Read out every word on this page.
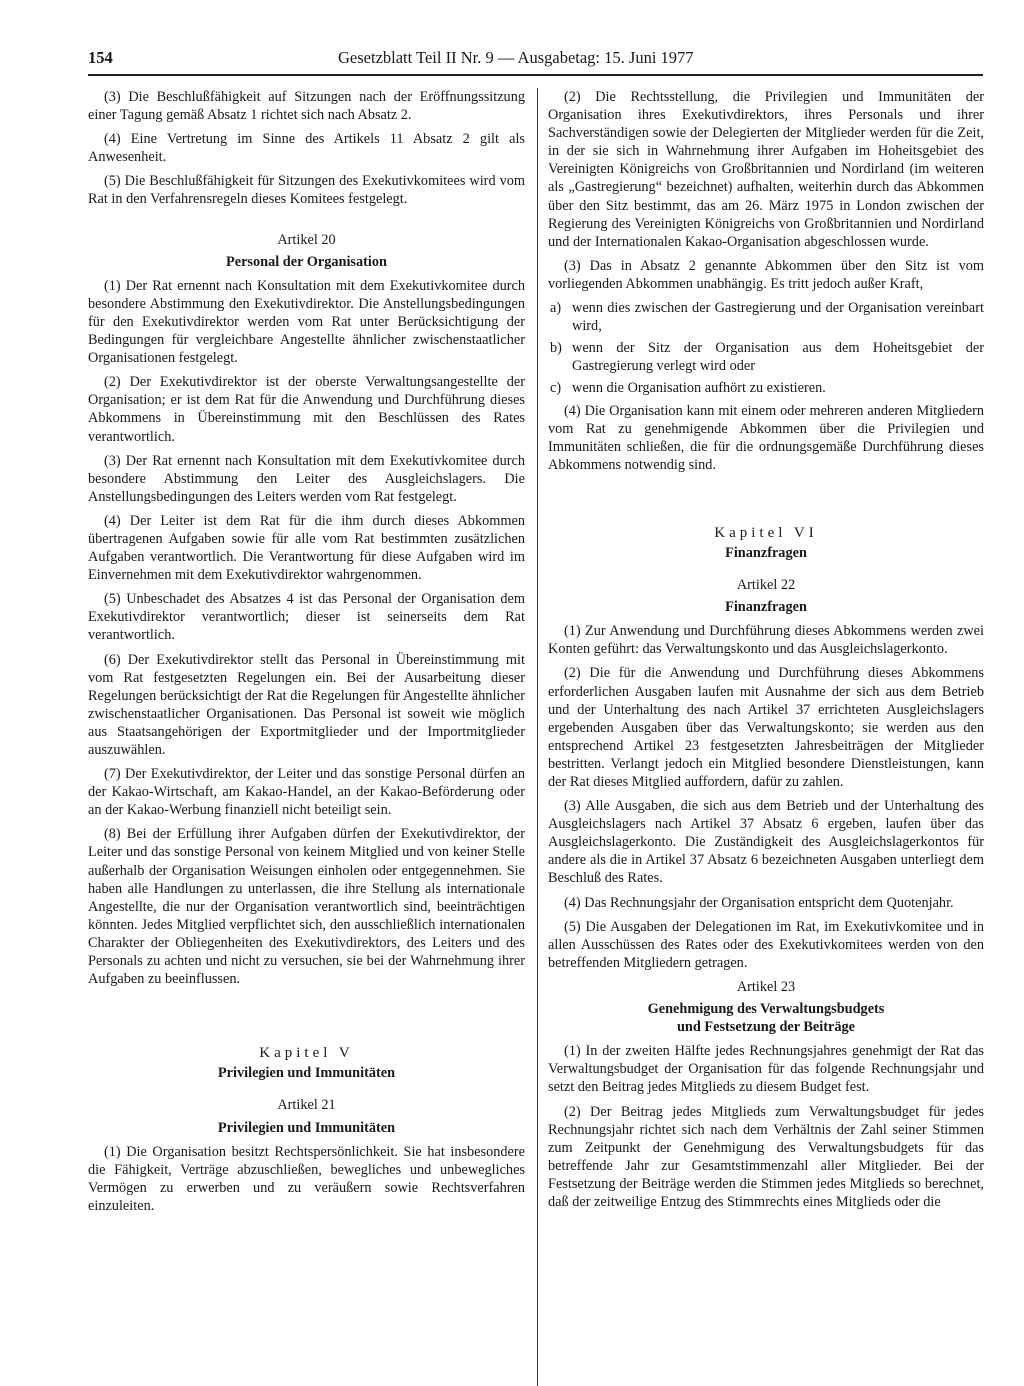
154	Gesetzblatt Teil II Nr. 9 — Ausgabetag: 15. Juni 1977

(3) Die Beschlußfähigkeit auf Sitzungen nach der Eröffnungssitzung einer Tagung gemäß Absatz 1 richtet sich nach Absatz 2.

(4) Eine Vertretung im Sinne des Artikels 11 Absatz 2 gilt als Anwesenheit.

(5) Die Beschlußfähigkeit für Sitzungen des Exekutivkomitees wird vom Rat in den Verfahrensregeln dieses Komitees festgelegt.

Artikel 20
Personal der Organisation

(1) Der Rat ernennt nach Konsultation mit dem Exekutivkomitee durch besondere Abstimmung den Exekutivdirektor. Die Anstellungsbedingungen für den Exekutivdirektor werden vom Rat unter Berücksichtigung der Bedingungen für vergleichbare Angestellte ähnlicher zwischenstaatlicher Organisationen festgelegt.

(2) Der Exekutivdirektor ist der oberste Verwaltungsangestellte der Organisation; er ist dem Rat für die Anwendung und Durchführung dieses Abkommens in Übereinstimmung mit den Beschlüssen des Rates verantwortlich.

(3) Der Rat ernennt nach Konsultation mit dem Exekutivkomitee durch besondere Abstimmung den Leiter des Ausgleichslagers. Die Anstellungsbedingungen des Leiters werden vom Rat festgelegt.

(4) Der Leiter ist dem Rat für die ihm durch dieses Abkommen übertragenen Aufgaben sowie für alle vom Rat bestimmten zusätzlichen Aufgaben verantwortlich. Die Verantwortung für diese Aufgaben wird im Einvernehmen mit dem Exekutivdirektor wahrgenommen.

(5) Unbeschadet des Absatzes 4 ist das Personal der Organisation dem Exekutivdirektor verantwortlich; dieser ist seinerseits dem Rat verantwortlich.

(6) Der Exekutivdirektor stellt das Personal in Übereinstimmung mit vom Rat festgesetzten Regelungen ein. Bei der Ausarbeitung dieser Regelungen berücksichtigt der Rat die Regelungen für Angestellte ähnlicher zwischenstaatlicher Organisationen. Das Personal ist soweit wie möglich aus Staatsangehörigen der Exportmitglieder und der Importmitglieder auszuwählen.

(7) Der Exekutivdirektor, der Leiter und das sonstige Personal dürfen an der Kakao-Wirtschaft, am Kakao-Handel, an der Kakao-Beförderung oder an der Kakao-Werbung finanziell nicht beteiligt sein.

(8) Bei der Erfüllung ihrer Aufgaben dürfen der Exekutivdirektor, der Leiter und das sonstige Personal von keinem Mitglied und von keiner Stelle außerhalb der Organisation Weisungen einholen oder entgegennehmen. Sie haben alle Handlungen zu unterlassen, die ihre Stellung als internationale Angestellte, die nur der Organisation verantwortlich sind, beeinträchtigen könnten. Jedes Mitglied verpflichtet sich, den ausschließlich internationalen Charakter der Obliegenheiten des Exekutivdirektors, des Leiters und des Personals zu achten und nicht zu versuchen, sie bei der Wahrnehmung ihrer Aufgaben zu beeinflussen.

Kapitel V
Privilegien und Immunitäten
Artikel 21
Privilegien und Immunitäten

(1) Die Organisation besitzt Rechtspersönlichkeit. Sie hat insbesondere die Fähigkeit, Verträge abzuschließen, bewegliches und unbewegliches Vermögen zu erwerben und zu veräußern sowie Rechtsverfahren einzuleiten.

(2) Die Rechtsstellung, die Privilegien und Immunitäten der Organisation ihres Exekutivdirektors, ihres Personals und ihrer Sachverständigen sowie der Delegierten der Mitglieder werden für die Zeit, in der sie sich in Wahrnehmung ihrer Aufgaben im Hoheitsgebiet des Vereinigten Königreichs von Großbritannien und Nordirland (im weiteren als „Gastregierung“ bezeichnet) aufhalten, weiterhin durch das Abkommen über den Sitz bestimmt, das am 26. März 1975 in London zwischen der Regierung des Vereinigten Königreichs von Großbritannien und Nordirland und der Internationalen Kakao-Organisation abgeschlossen wurde.

(3) Das in Absatz 2 genannte Abkommen über den Sitz ist vom vorliegenden Abkommen unabhängig. Es tritt jedoch außer Kraft,

a) wenn dies zwischen der Gastregierung und der Organisation vereinbart wird,
b) wenn der Sitz der Organisation aus dem Hoheitsgebiet der Gastregierung verlegt wird oder
c) wenn die Organisation aufhört zu existieren.

(4) Die Organisation kann mit einem oder mehreren anderen Mitgliedern vom Rat zu genehmigende Abkommen über die Privilegien und Immunitäten schließen, die für die ordnungsgemäße Durchführung dieses Abkommens notwendig sind.

Kapitel VI
Finanzfragen
Artikel 22
Finanzfragen

(1) Zur Anwendung und Durchführung dieses Abkommens werden zwei Konten geführt: das Verwaltungskonto und das Ausgleichslagerkonto.

(2) Die für die Anwendung und Durchführung dieses Abkommens erforderlichen Ausgaben laufen mit Ausnahme der sich aus dem Betrieb und der Unterhaltung des nach Artikel 37 errichteten Ausgleichslagers ergebenden Ausgaben über das Verwaltungskonto; sie werden aus den entsprechend Artikel 23 festgesetzten Jahresbeiträgen der Mitglieder bestritten. Verlangt jedoch ein Mitglied besondere Dienstleistungen, kann der Rat dieses Mitglied auffordern, dafür zu zahlen.

(3) Alle Ausgaben, die sich aus dem Betrieb und der Unterhaltung des Ausgleichslagers nach Artikel 37 Absatz 6 ergeben, laufen über das Ausgleichslagerkonto. Die Zuständigkeit des Ausgleichslagerkontos für andere als die in Artikel 37 Absatz 6 bezeichneten Ausgaben unterliegt dem Beschluß des Rates.

(4) Das Rechnungsjahr der Organisation entspricht dem Quotenjahr.

(5) Die Ausgaben der Delegationen im Rat, im Exekutivkomitee und in allen Ausschüssen des Rates oder des Exekutivkomitees werden von den betreffenden Mitgliedern getragen.

Artikel 23
Genehmigung des Verwaltungsbudgets
und Festsetzung der Beiträge

(1) In der zweiten Hälfte jedes Rechnungsjahres genehmigt der Rat das Verwaltungsbudget der Organisation für das folgende Rechnungsjahr und setzt den Beitrag jedes Mitglieds zu diesem Budget fest.

(2) Der Beitrag jedes Mitglieds zum Verwaltungsbudget für jedes Rechnungsjahr richtet sich nach dem Verhältnis der Zahl seiner Stimmen zum Zeitpunkt der Genehmigung des Verwaltungsbudgets für das betreffende Jahr zur Gesamtstimmenzahl aller Mitglieder. Bei der Festsetzung der Beiträge werden die Stimmen jedes Mitglieds so berechnet, daß der zeitweilige Entzug des Stimmrechts eines Mitglieds oder die
